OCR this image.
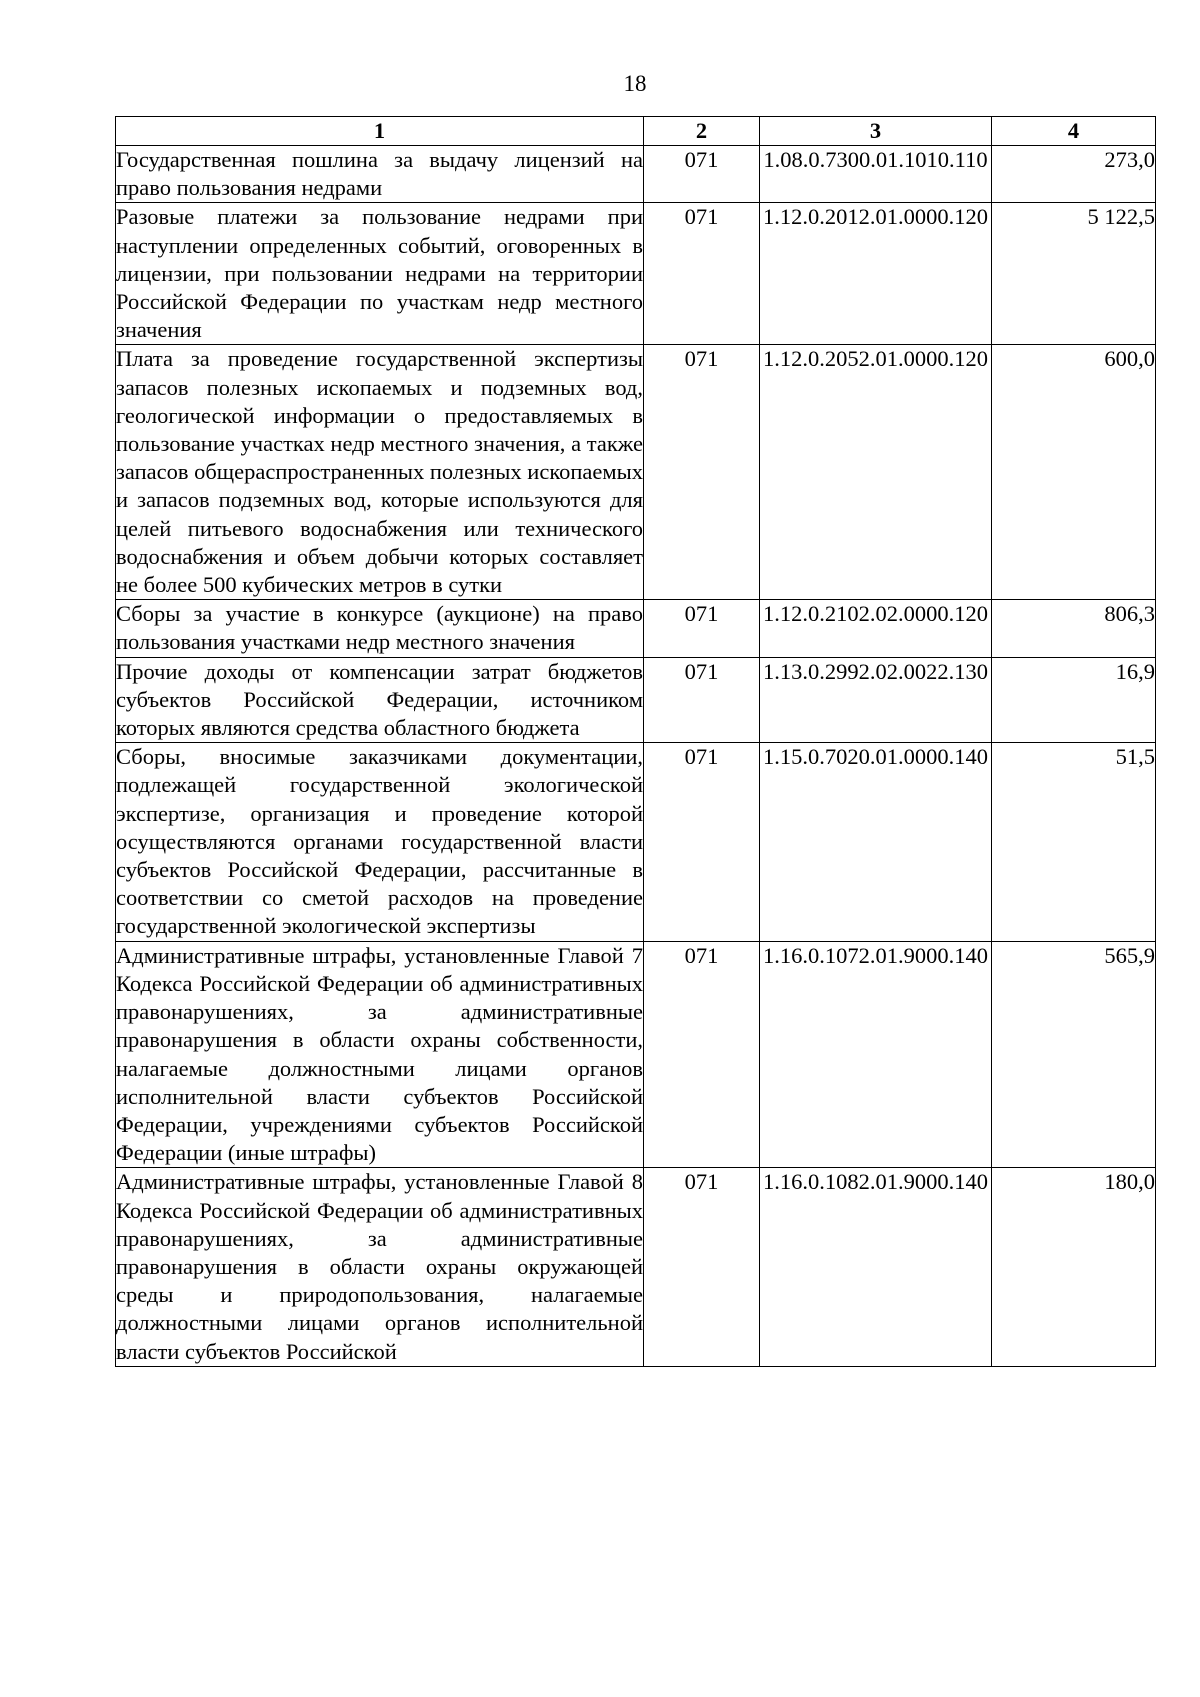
18
1	2	3	4
Государственная пошлина за выдачу лицензий на право пользования недрами	071	1.08.0.7300.01.1010.110	273,0
Разовые платежи за пользование недрами при наступлении определенных событий, оговоренных в лицензии, при пользовании недрами на территории Российской Федерации по участкам недр местного значения	071	1.12.0.2012.01.0000.120	5 122,5
Плата за проведение государственной экспертизы запасов полезных ископаемых и подземных вод, геологической информации о предоставляемых в пользование участках недр местного значения, а также запасов общераспространенных полезных ископаемых и запасов подземных вод, которые используются для целей питьевого водоснабжения или технического водоснабжения и объем добычи которых составляет не более 500 кубических метров в сутки	071	1.12.0.2052.01.0000.120	600,0
Сборы за участие в конкурсе (аукционе) на право пользования участками недр местного значения	071	1.12.0.2102.02.0000.120	806,3
Прочие доходы от компенсации затрат бюджетов субъектов Российской Федерации, источником которых являются средства областного бюджета	071	1.13.0.2992.02.0022.130	16,9
Сборы, вносимые заказчиками документации, подлежащей государственной экологической экспертизе, организация и проведение которой осуществляются органами государственной власти субъектов Российской Федерации, рассчитанные в соответствии со сметой расходов на проведение государственной экологической экспертизы	071	1.15.0.7020.01.0000.140	51,5
Административные штрафы, установленные Главой 7 Кодекса Российской Федерации об административных правонарушениях, за административные правонарушения в области охраны собственности, налагаемые должностными лицами органов исполнительной власти субъектов Российской Федерации, учреждениями субъектов Российской Федерации (иные штрафы)	071	1.16.0.1072.01.9000.140	565,9
Административные штрафы, установленные Главой 8 Кодекса Российской Федерации об административных правонарушениях, за административные правонарушения в области охраны окружающей среды и природопользования, налагаемые должностными лицами органов исполнительной власти субъектов Российской	071	1.16.0.1082.01.9000.140	180,0
